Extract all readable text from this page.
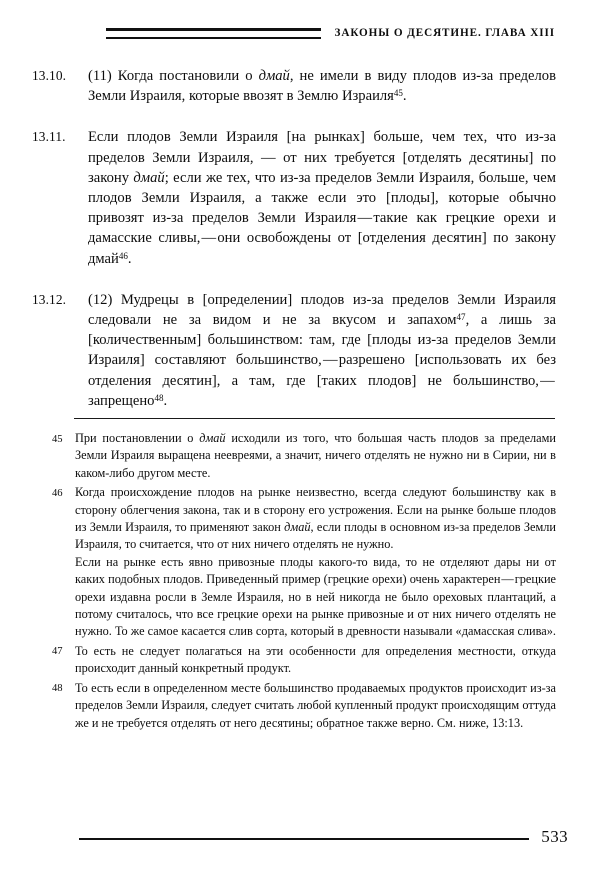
ЗАКОНЫ О ДЕСЯТИНЕ. ГЛАВА XIII
13.10.	(11) Когда постановили о дмай, не имели в виду плодов из-за пределов Земли Израиля, которые ввозят в Землю Израиля$^{45}$.
13.11.	Если плодов Земли Израиля [на рынках] больше, чем тех, что из-за пределов Земли Израиля, — от них требуется [отделять десятины] по закону дмай; если же тех, что из-за пределов Земли Израиля, больше, чем плодов Земли Израиля, а также если это [плоды], которые обычно привозят из-за пределов Земли Израиля — такие как грецкие орехи и дамасские сливы, — они освобождены от [отделения десятин] по закону дмай$^{46}$.
13.12.	(12) Мудрецы в [определении] плодов из-за пределов Земли Израиля следовали не за видом и не за вкусом и запахом$^{47}$, а лишь за [количественным] большинством: там, где [плоды из-за пределов Земли Израиля] составляют большинство, — разрешено [использовать их без отделения десятин], а там, где [таких плодов] не большинство, — запрещено$^{48}$.
45	При постановлении о дмай исходили из того, что большая часть плодов за пределами Земли Израиля выращена неевреями, а значит, ничего отделять не нужно ни в Сирии, ни в каком-либо другом месте.
46	Когда происхождение плодов на рынке неизвестно, всегда следуют большинству как в сторону облегчения закона, так и в сторону его устрожения. Если на рынке больше плодов из Земли Израиля, то применяют закон дмай, если плоды в основном из-за пределов Земли Израиля, то считается, что от них ничего отделять не нужно.
Если на рынке есть явно привозные плоды какого-то вида, то не отделяют дары ни от каких подобных плодов. Приведенный пример (грецкие орехи) очень характерен — грецкие орехи издавна росли в Земле Израиля, но в ней никогда не было ореховых плантаций, а потому считалось, что все грецкие орехи на рынке привозные и от них ничего отделять не нужно. То же самое касается слив сорта, который в древности называли «дамасская слива».
47	То есть не следует полагаться на эти особенности для определения местности, откуда происходит данный конкретный продукт.
48	То есть если в определенном месте большинство продаваемых продуктов происходит из-за пределов Земли Израиля, следует считать любой купленный продукт происходящим оттуда же и не требуется отделять от него десятины; обратное также верно. См. ниже, 13:13.
533
